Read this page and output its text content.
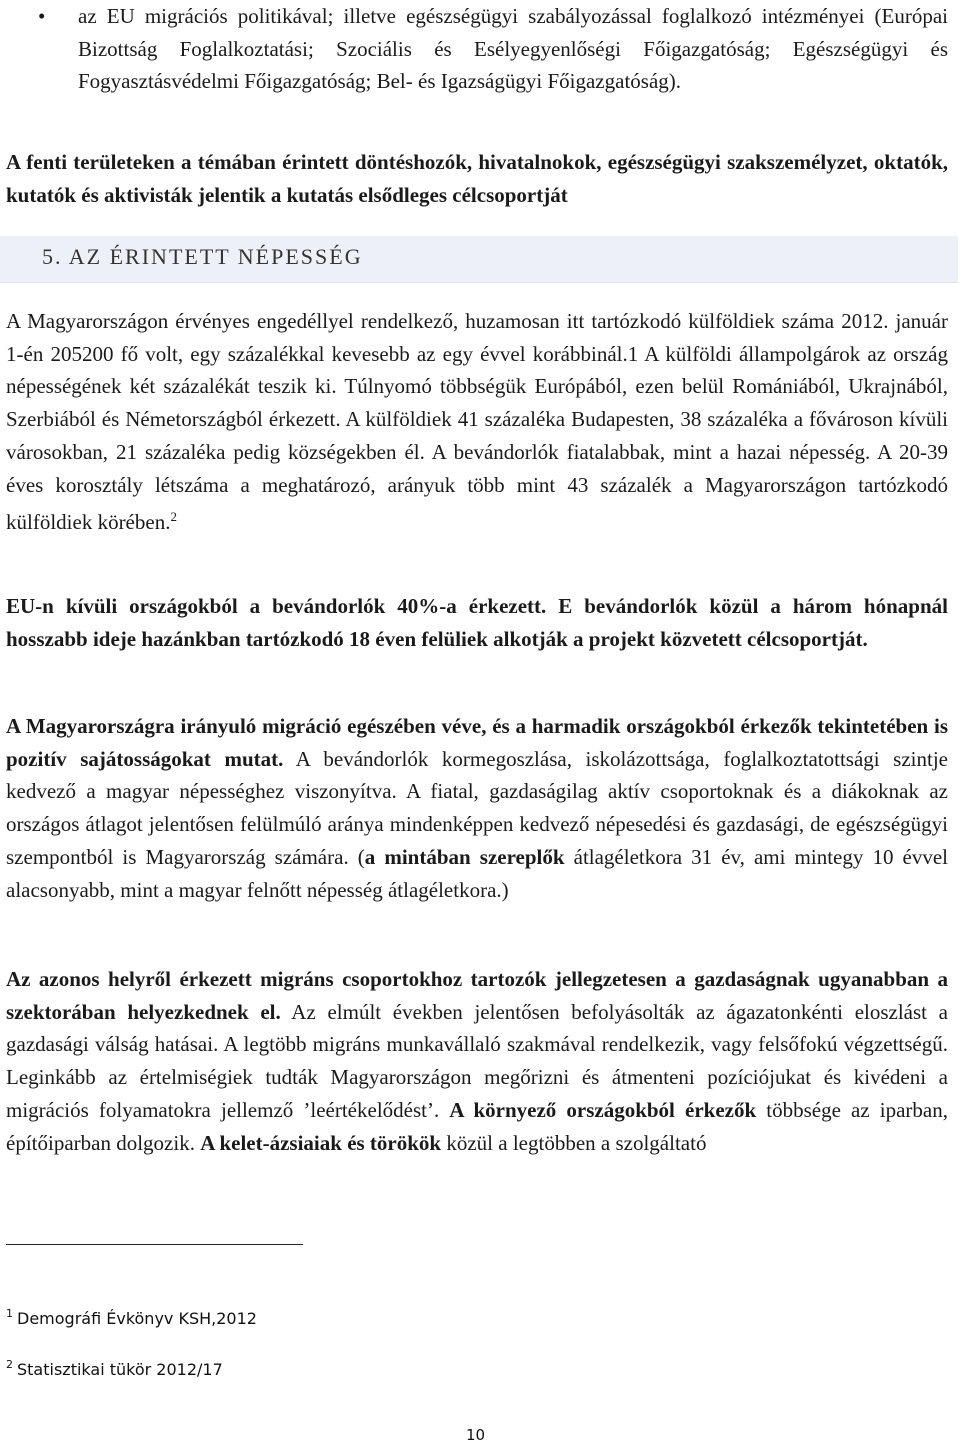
• az EU migrációs politikával; illetve egészségügyi szabályozással foglalkozó intézményei (Európai Bizottság Foglalkoztatási; Szociális és Esélyegyenlőségi Főigazgatóság; Egészségügyi és Fogyasztásvédelmi Főigazgatóság; Bel- és Igazságügyi Főigazgatóság).

A fenti területeken a témában érintett döntéshozók, hivatalnokok, egészségügyi szakszemélyzet, oktatók, kutatók és aktivisták jelentik a kutatás elsődleges célcsoportját

5. AZ ÉRINTETT NÉPESSÉG

A Magyarországon érvényes engedéllyel rendelkező, huzamosan itt tartózkodó külföldiek száma 2012. január 1-én 205200 fő volt, egy százalékkal kevesebb az egy évvel korábbinál.1 A külföldi állampolgárok az ország népességének két százalékát teszik ki. Túlnyomó többségük Európából, ezen belül Romániából, Ukrajnából, Szerbiából és Németországból érkezett. A külföldiek 41 százaléka Budapesten, 38 százaléka a fővároson kívüli városokban, 21 százaléka pedig községekben él. A bevándorlók fiatalabbak, mint a hazai népesség. A 20-39 éves korosztály létszáma a meghatározó, arányuk több mint 43 százalék a Magyarországon tartózkodó külföldiek körében.$^2$

EU-n kívüli országokból a bevándorlók 40%-a érkezett. E bevándorlók közül a három hónapnál hosszabb ideje hazánkban tartózkodó 18 éven felüliek alkotják a projekt közvetett célcsoportját.

A Magyarországra irányuló migráció egészében véve, és a harmadik országokból érkezők tekintetében is pozitív sajátosságokat mutat. A bevándorlók kormegoszlása, iskolázottsága, foglalkoztatottsági szintje kedvező a magyar népességhez viszonyítva. A fiatal, gazdaságilag aktív csoportoknak és a diákoknak az országos átlagot jelentősen felülmúló aránya mindenképpen kedvező népesedési és gazdasági, de egészségügyi szempontból is Magyarország számára. (a mintában szereplők átlagéletkora 31 év, ami mintegy 10 évvel alacsonyabb, mint a magyar felnőtt népesség átlagéletkora.)

Az azonos helyről érkezett migráns csoportokhoz tartozók jellegzetesen a gazdaságnak ugyanabban a szektorában helyezkednek el. Az elmúlt években jelentősen befolyásolták az ágazatonkénti eloszlást a gazdasági válság hatásai. A legtöbb migráns munkavállaló szakmával rendelkezik, vagy felsőfokú végzettségű. Leginkább az értelmiségiek tudták Magyarországon megőrizni és átmenteni pozíciójukat és kivédeni a migrációs folyamatokra jellemző ’leértékelődést’. A környező országokból érkezők többsége az iparban, építőiparban dolgozik. A kelet-ázsiaiak és törökök közül a legtöbben a szolgáltató

$^1$ Demográfi Évkönyv KSH,2012
$^2$ Statisztikai tükör 2012/17
10
